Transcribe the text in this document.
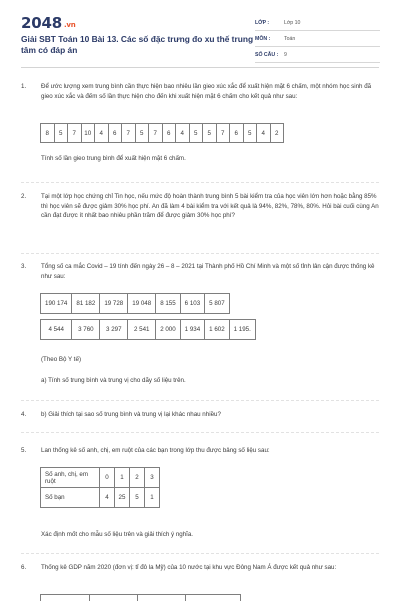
2048 .vn
Giải SBT Toán 10 Bài 13. Các số đặc trưng đo xu thế trung tâm có đáp án
LỚP :	Lớp 10
MÔN :	Toán
SỐ CÂU :	9
1. Để ước lượng xem trung bình cần thực hiện bao nhiêu lần gieo xúc xắc để xuất hiện mặt 6 chấm, một nhóm học sinh đã gieo xúc xắc và đếm số lần thực hiện cho đến khi xuất hiện mặt 6 chấm cho kết quả như sau:
8	5	7	10	4	6	7	5	7	6	4	5	5	7	6	5	4	2
Tính số lần gieo trung bình để xuất hiện mặt 6 chấm.
2. Tại một lớp học chứng chỉ Tin học, nếu mức độ hoàn thành trung bình 5 bài kiểm tra của học viên lớn hơn hoặc bằng 85% thì học viên sẽ được giảm 30% học phí. An đã làm 4 bài kiểm tra với kết quả là 94%, 82%, 78%, 80%. Hỏi bài cuối cùng An cần đạt được ít nhất bao nhiêu phần trăm để được giảm 30% học phí?
3. Tổng số ca mắc Covid – 19 tính đến ngày 26 – 8 – 2021 tại Thành phố Hồ Chí Minh và một số tỉnh lân cận được thống kê như sau:
190 174	81 182	19 728	19 048	8 155	6 103	5 807	

4 544	3 760	3 297	2 541	2 000	1 934	1 602	1 195.
(Theo Bộ Y tế)
a) Tính số trung bình và trung vị cho dãy số liệu trên.
4. b) Giải thích tại sao số trung bình và trung vị lại khác nhau nhiều?
5. Lan thống kê số anh, chị, em ruột của các bạn trong lớp thu được bảng số liệu sau:
Số anh, chị, em ruột	0	1	2	3
Số bạn	4	25	5	1
Xác định mốt cho mẫu số liệu trên và giải thích ý nghĩa.
6. Thống kê GDP năm 2020 (đơn vị: tỉ đô la Mỹ) của 10 nước tại khu vực Đông Nam Á được kết quả như sau:
